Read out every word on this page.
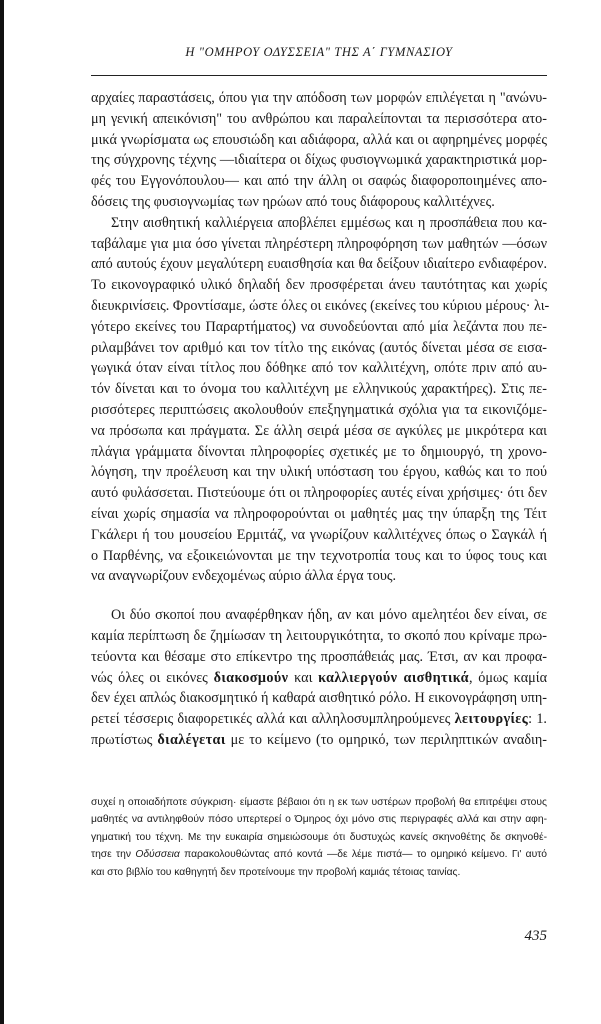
Η "ΟΜΗΡΟΥ ΟΔΥΣΣΕΙΑ" ΤΗΣ Α΄ ΓΥΜΝΑΣΙΟΥ

αρχαίες παραστάσεις, όπου για την απόδοση των μορφών επιλέγεται η "ανώνυ-
μη γενική απεικόνιση" του ανθρώπου και παραλείπονται τα περισσότερα ατο-
μικά γνωρίσματα ως επουσιώδη και αδιάφορα, αλλά και οι αφηρημένες μορφές
της σύγχρονης τέχνης —ιδιαίτερα οι δίχως φυσιογνωμικά χαρακτηριστικά μορ-
φές του Εγγονόπουλου— και από την άλλη οι σαφώς διαφοροποιημένες απο-
δόσεις της φυσιογνωμίας των ηρώων από τους διάφορους καλλιτέχνες.

Στην αισθητική καλλιέργεια αποβλέπει εμμέσως και η προσπάθεια που κα-
ταβάλαμε για μια όσο γίνεται πληρέστερη πληροφόρηση των μαθητών —όσων
από αυτούς έχουν μεγαλύτερη ευαισθησία και θα δείξουν ιδιαίτερο ενδιαφέρον.
Το εικονογραφικό υλικό δηλαδή δεν προσφέρεται άνευ ταυτότητας και χωρίς
διευκρινίσεις. Φροντίσαμε, ώστε όλες οι εικόνες (εκείνες του κύριου μέρους· λι-
γότερο εκείνες του Παραρτήματος) να συνοδεύονται από μία λεζάντα που πε-
ριλαμβάνει τον αριθμό και τον τίτλο της εικόνας (αυτός δίνεται μέσα σε εισα-
γωγικά όταν είναι τίτλος που δόθηκε από τον καλλιτέχνη, οπότε πριν από αυ-
τόν δίνεται και το όνομα του καλλιτέχνη με ελληνικούς χαρακτήρες). Στις πε-
ρισσότερες περιπτώσεις ακολουθούν επεξηγηματικά σχόλια για τα εικονιζόμε-
να πρόσωπα και πράγματα. Σε άλλη σειρά μέσα σε αγκύλες με μικρότερα και
πλάγια γράμματα δίνονται πληροφορίες σχετικές με το δημιουργό, τη χρονο-
λόγηση, την προέλευση και την υλική υπόσταση του έργου, καθώς και το πού
αυτό φυλάσσεται. Πιστεύουμε ότι οι πληροφορίες αυτές είναι χρήσιμες· ότι δεν
είναι χωρίς σημασία να πληροφορούνται οι μαθητές μας την ύπαρξη της Τέιτ
Γκάλερι ή του μουσείου Ερμιτάζ, να γνωρίζουν καλλιτέχνες όπως ο Σαγκάλ ή
ο Παρθένης, να εξοικειώνονται με την τεχνοτροπία τους και το ύφος τους και
να αναγνωρίζουν ενδεχομένως αύριο άλλα έργα τους.

Οι δύο σκοποί που αναφέρθηκαν ήδη, αν και μόνο αμελητέοι δεν είναι, σε
καμία περίπτωση δε ζημίωσαν τη λειτουργικότητα, το σκοπό που κρίναμε πρω-
τεύοντα και θέσαμε στο επίκεντρο της προσπάθειάς μας. Έτσι, αν και προφα-
νώς όλες οι εικόνες διακοσμούν και καλλιεργούν αισθητικά, όμως καμία
δεν έχει απλώς διακοσμητικό ή καθαρά αισθητικό ρόλο. Η εικονογράφηση υπη-
ρετεί τέσσερις διαφορετικές αλλά και αλληλοσυμπληρούμενες λειτουργίες: 1.
πρωτίστως διαλέγεται με το κείμενο (το ομηρικό, των περιληπτικών αναδιη-

συχεί η οποιαδήποτε σύγκριση· είμαστε βέβαιοι ότι η εκ των υστέρων προβολή θα επιτρέψει στους
μαθητές να αντιληφθούν πόσο υπερτερεί ο Όμηρος όχι μόνο στις περιγραφές αλλά και στην αφη-
γηματική του τέχνη. Με την ευκαιρία σημειώσουμε ότι δυστυχώς κανείς σκηνοθέτης δε σκηνοθέ-
τησε την Οδύσσεια παρακολουθώντας από κοντά —δε λέμε πιστά— το ομηρικό κείμενο. Γι' αυτό
και στο βιβλίο του καθηγητή δεν προτείνουμε την προβολή καμιάς τέτοιας ταινίας.
435
